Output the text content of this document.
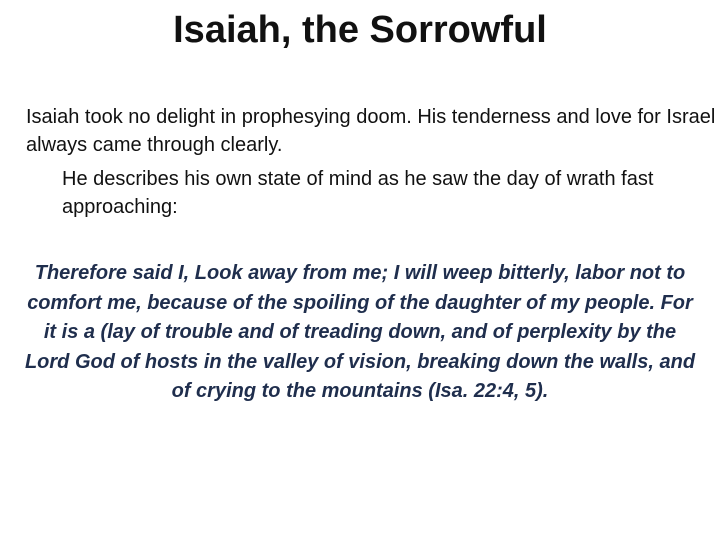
Isaiah, the Sorrowful

Isaiah took no delight in prophesying doom. His tenderness and love for Israel always came through clearly.

He describes his own state of mind as he saw the day of wrath fast approaching:

Therefore said I, Look away from me; I will weep bitterly, labor not to comfort me, because of the spoiling of the daughter of my people. For it is a (lay of trouble and of treading down, and of perplexity by the Lord God of hosts in the valley of vision, breaking down the walls, and of crying to the mountains (Isa. 22:4, 5).
